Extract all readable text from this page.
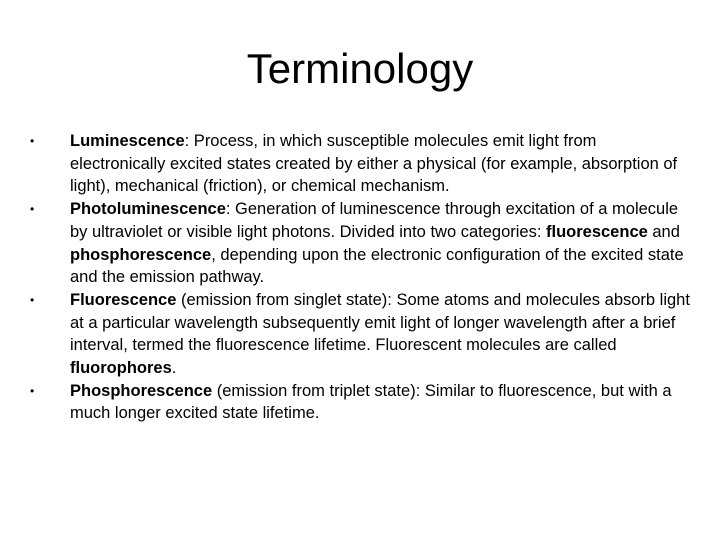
Terminology
•	Luminescence: Process, in which susceptible molecules emit light from electronically excited states created by either a physical (for example, absorption of light), mechanical (friction), or chemical mechanism.
•	Photoluminescence: Generation of luminescence through excitation of a molecule by ultraviolet or visible light photons. Divided into two categories: fluorescence and phosphorescence, depending upon the electronic configuration of the excited state and the emission pathway.
•	Fluorescence (emission from singlet state): Some atoms and molecules absorb light at a particular wavelength subsequently emit light of longer wavelength after a brief interval, termed the fluorescence lifetime. Fluorescent molecules are called fluorophores.
•	Phosphorescence (emission from triplet state): Similar to fluorescence, but with a much longer excited state lifetime.
